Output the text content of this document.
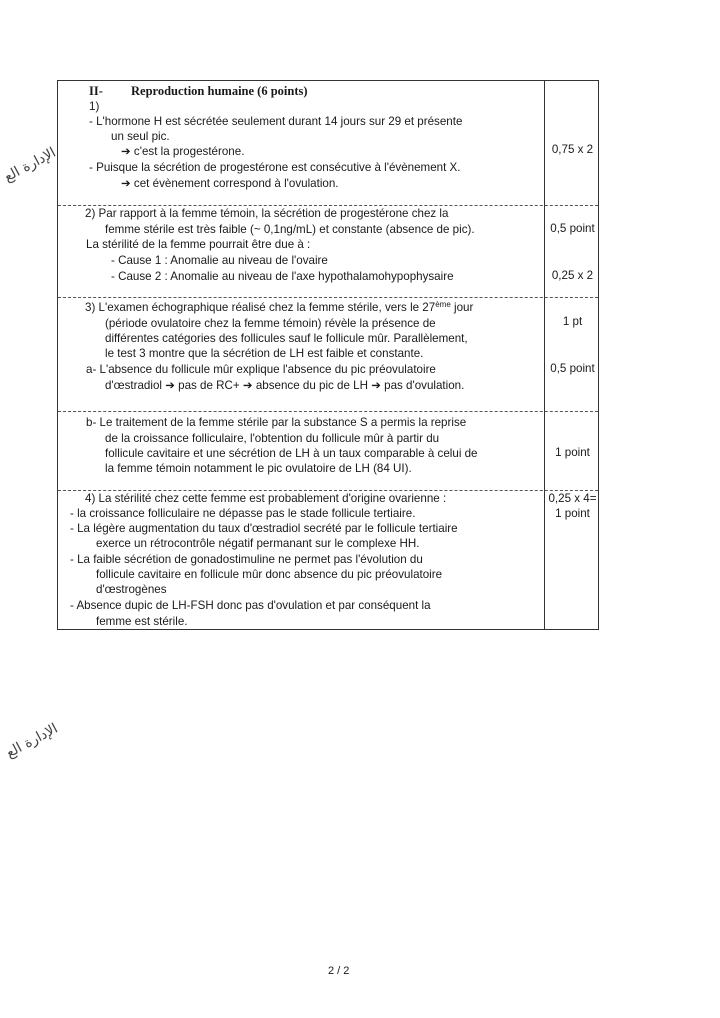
الإدارة الع
الإدارة الع
II- Reproduction humaine (6 points)
1)
- L'hormone H est sécrétée seulement durant 14 jours sur 29 et présente
un seul pic.
➔ c'est la progestérone.
- Puisque la sécrétion de progestérone est consécutive à l'évènement X.
➔ cet évènement correspond à l'ovulation.
0,75 x 2
2) Par rapport à la femme témoin, la sécrétion de progestérone chez la
femme stérile est très faible (~ 0,1ng/mL) et constante (absence de pic).
La stérilité de la femme pourrait être due à :
- Cause 1 : Anomalie au niveau de l'ovaire
- Cause 2 : Anomalie au niveau de l'axe hypothalamohypophysaire
0,5 point
0,25 x 2
3) L'examen échographique réalisé chez la femme stérile, vers le 27ème jour
(période ovulatoire chez la femme témoin) révèle la présence de
différentes catégories des follicules sauf le follicule mûr. Parallèlement,
le test 3 montre que la sécrétion de LH est faible et constante.
a- L'absence du follicule mûr explique l'absence du pic préovulatoire
d'œstradiol ➔ pas de RC+ ➔ absence du pic de LH ➔ pas d'ovulation.
1 pt
0,5 point
b- Le traitement de la femme stérile par la substance S a permis la reprise
de la croissance folliculaire, l'obtention du follicule mûr à partir du
follicule cavitaire et une sécrétion de LH à un taux comparable à celui de
la femme témoin notamment le pic ovulatoire de LH (84 UI).
1 point
4) La stérilité chez cette femme est probablement d'origine ovarienne :
- la croissance folliculaire ne dépasse pas le stade follicule tertiaire.
- La légère augmentation du taux d'œstradiol secrété par le follicule tertiaire
exerce un rétrocontrôle négatif permanant sur le complexe HH.
- La faible sécrétion de gonadostimuline ne permet pas l'évolution du
follicule cavitaire en follicule mûr donc absence du pic préovulatoire
d'œstrogènes
- Absence dupic de LH-FSH donc pas d'ovulation et par conséquent la
femme est stérile.
0,25 x 4=
1 point
2 / 2
